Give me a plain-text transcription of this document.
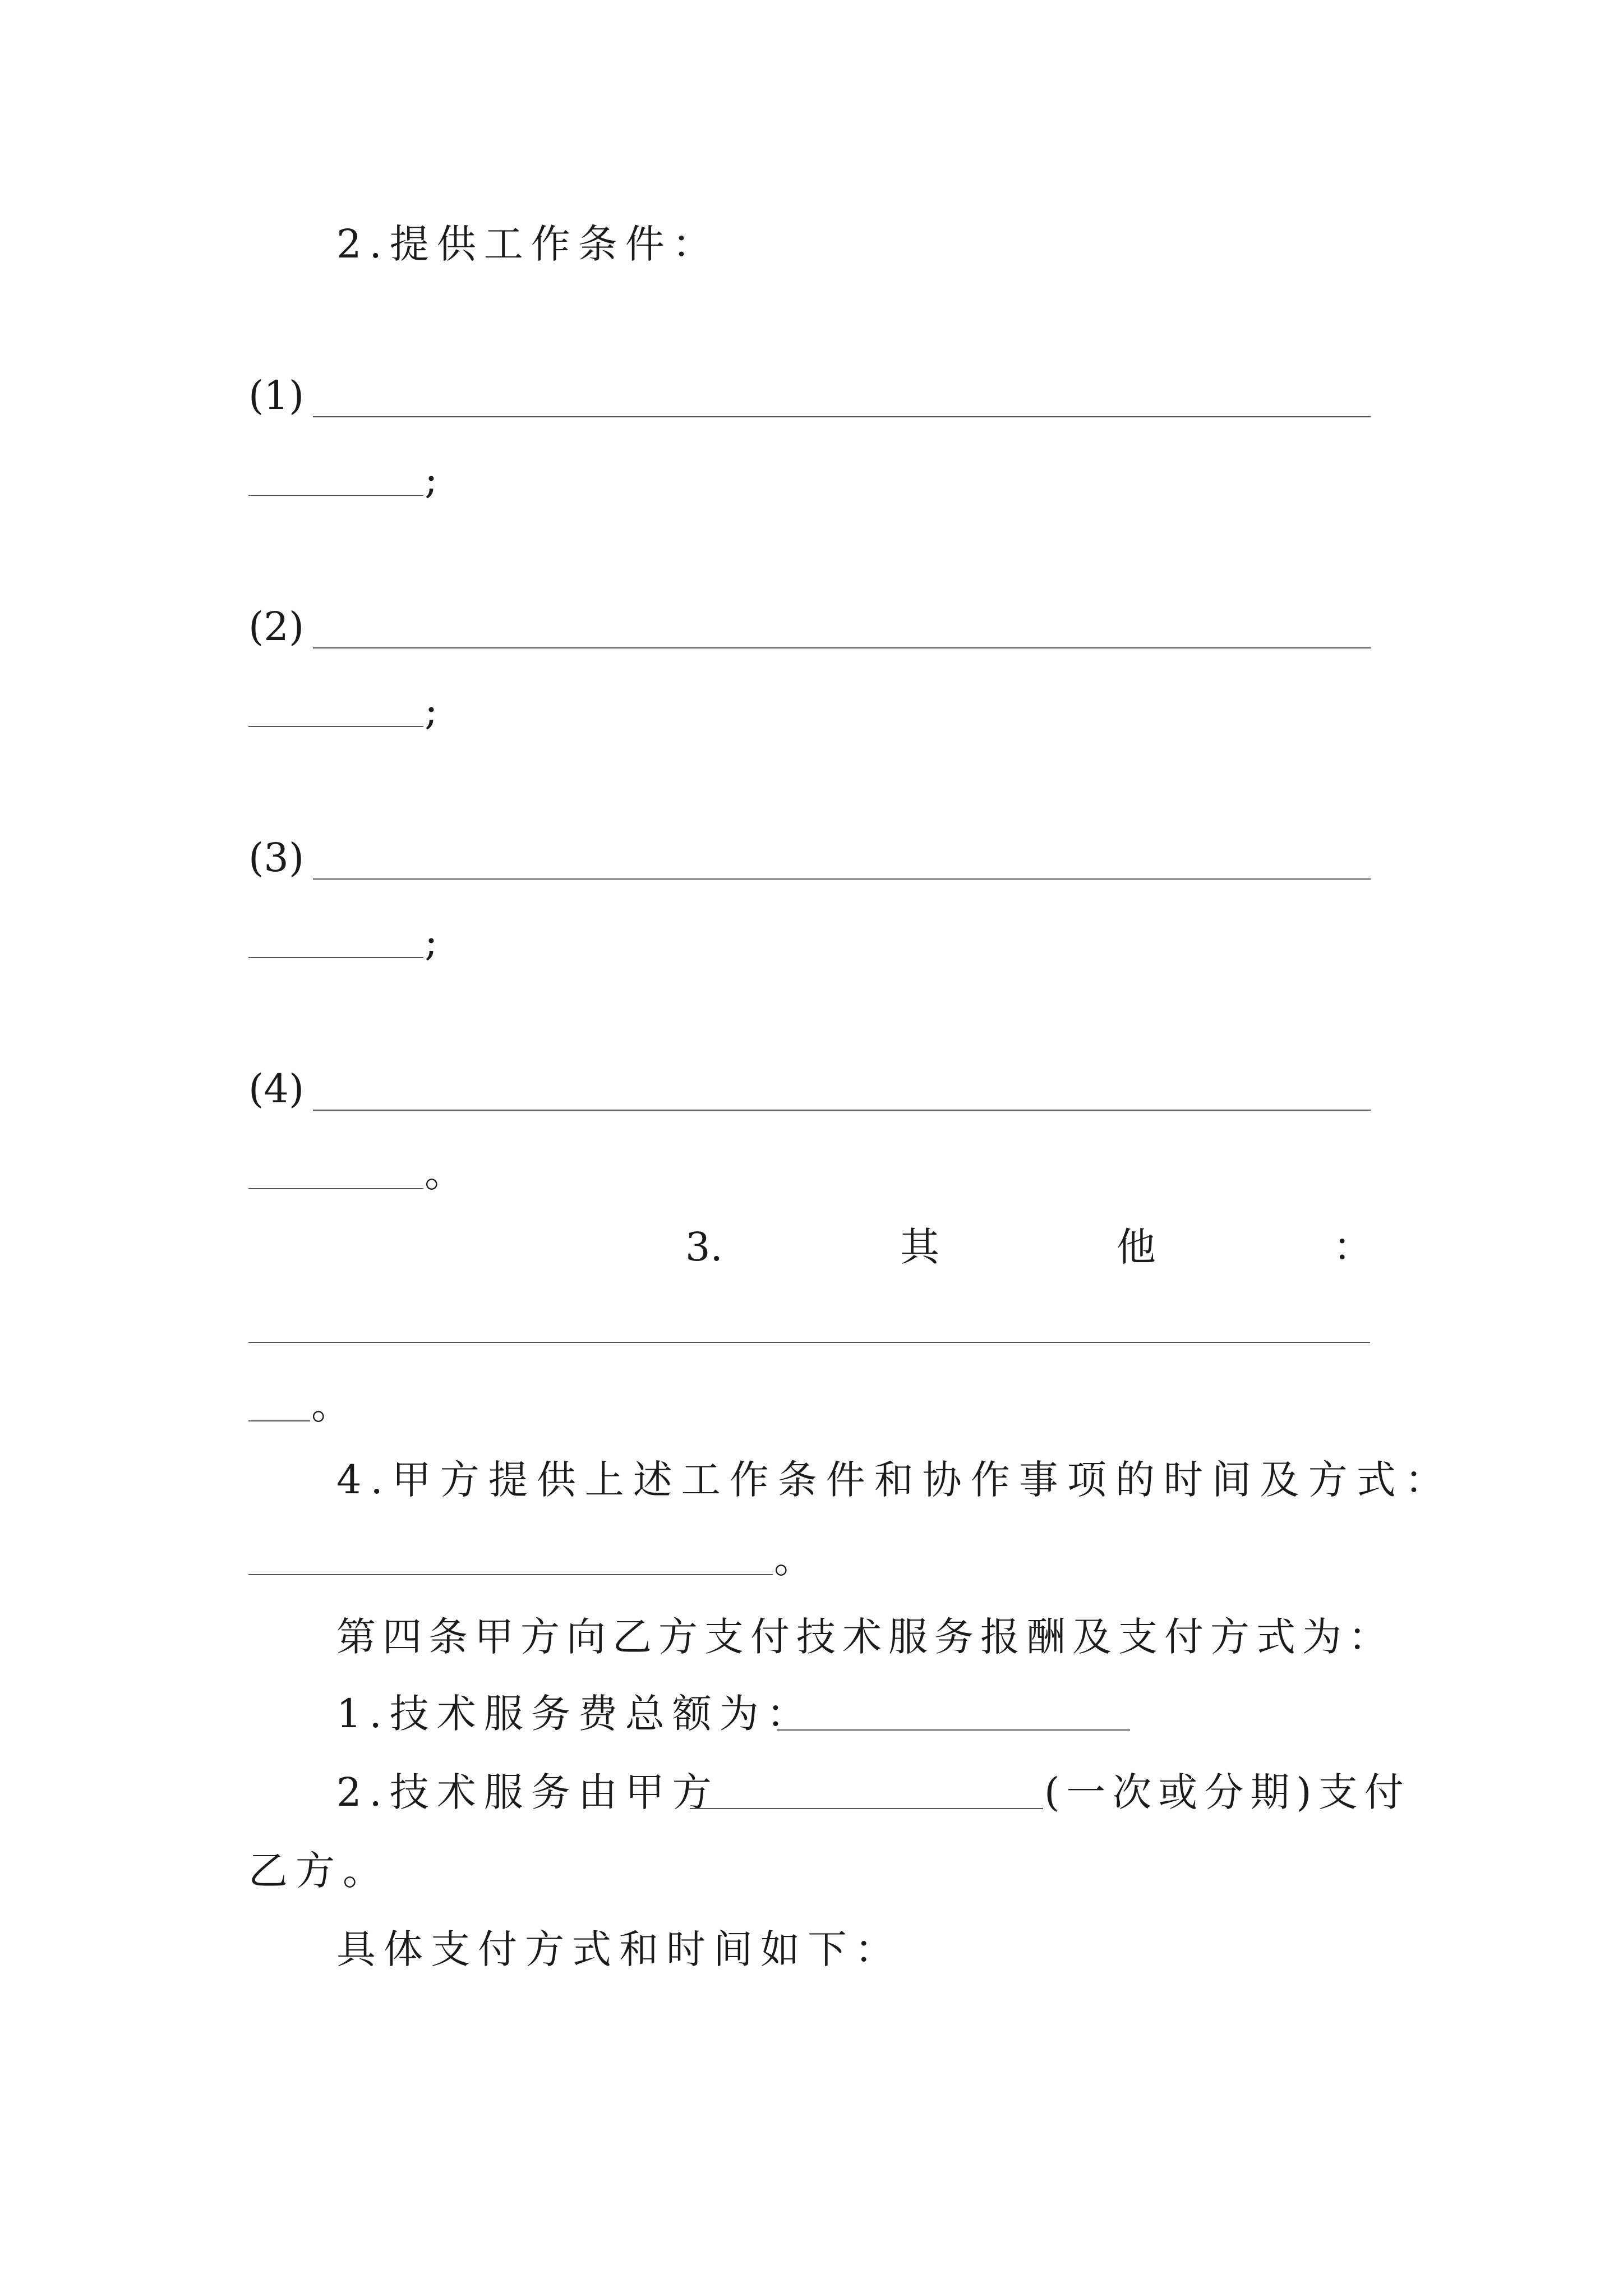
2.提供工作条件：
(1)
;
(2)
;
(3)
;
(4)
。
3.	其	他	：
。
4.甲方提供上述工作条件和协作事项的时间及方式：
。
第四条甲方向乙方支付技术服务报酬及支付方式为：
1.技术服务费总额为：
2.技术服务由甲方	(一次或分期)支付
乙方。
具体支付方式和时间如下：
